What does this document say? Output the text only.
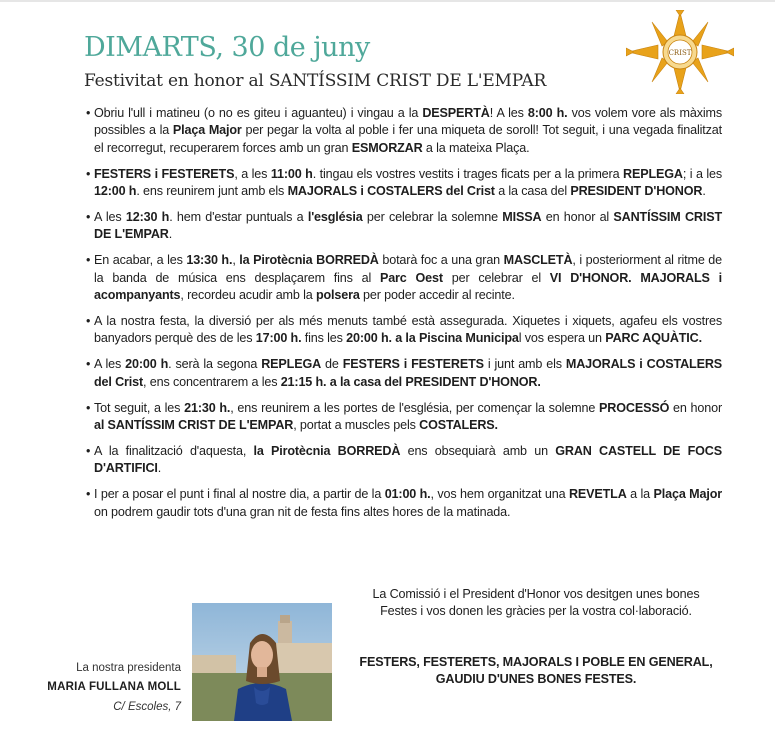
DIMARTS, 30 de juny
Festivitat en honor al SANTÍSSIM CRIST DE L'EMPAR
CRIST
• Obriu l'ull i matineu (o no es giteu i aguanteu) i vingau a la DESPERTÀ! A les 8:00 h. vos volem vore als màxims possibles a la Plaça Major per pegar la volta al poble i fer una miqueta de soroll! Tot seguit, i una vegada finalitzat el recorregut, recuperarem forces amb un gran ESMORZAR a la mateixa Plaça.
• FESTERS i FESTERETS, a les 11:00 h. tingau els vostres vestits i trages ficats per a la primera REPLEGA; i a les 12:00 h. ens reunirem junt amb els MAJORALS i COSTALERS del Crist a la casa del PRESIDENT D'HONOR.
• A les 12:30 h. hem d'estar puntuals a l'església per celebrar la solemne MISSA en honor al SANTÍSSIM CRIST DE L'EMPAR.
• En acabar, a les 13:30 h., la Pirotècnia BORREDÀ botarà foc a una gran MASCLETÀ, i posteriorment al ritme de la banda de música ens desplaçarem fins al Parc Oest per celebrar el VI D'HONOR. MAJORALS i acompanyants, recordeu acudir amb la polsera per poder accedir al recinte.
• A la nostra festa, la diversió per als més menuts també està assegurada. Xiquetes i xiquets, agafeu els vostres banyadors perquè des de les 17:00 h. fins les 20:00 h. a la Piscina Municipal vos espera un PARC AQUÀTIC.
• A les 20:00 h. serà la segona REPLEGA de FESTERS i FESTERETS i junt amb els MAJORALS i COSTALERS del Crist, ens concentrarem a les 21:15 h. a la casa del PRESIDENT D'HONOR.
• Tot seguit, a les 21:30 h., ens reunirem a les portes de l'església, per començar la solemne PROCESSÓ en honor al SANTÍSSIM CRIST DE L'EMPAR, portat a muscles pels COSTALERS.
• A la finalització d'aquesta, la Pirotècnia BORREDÀ ens obsequiarà amb un GRAN CASTELL DE FOCS D'ARTIFICI.
• I per a posar el punt i final al nostre dia, a partir de la 01:00 h., vos hem organitzat una REVETLA a la Plaça Major on podrem gaudir tots d'una gran nit de festa fins altes hores de la matinada.
La Comissió i el President d'Honor vos desitgen unes bones Festes i vos donen les gràcies per la vostra col·laboració.
FESTERS, FESTERETS, MAJORALS I POBLE EN GENERAL, GAUDIU D'UNES BONES FESTES.
La nostra presidenta
MARIA FULLANA MOLL
C/ Escoles, 7
